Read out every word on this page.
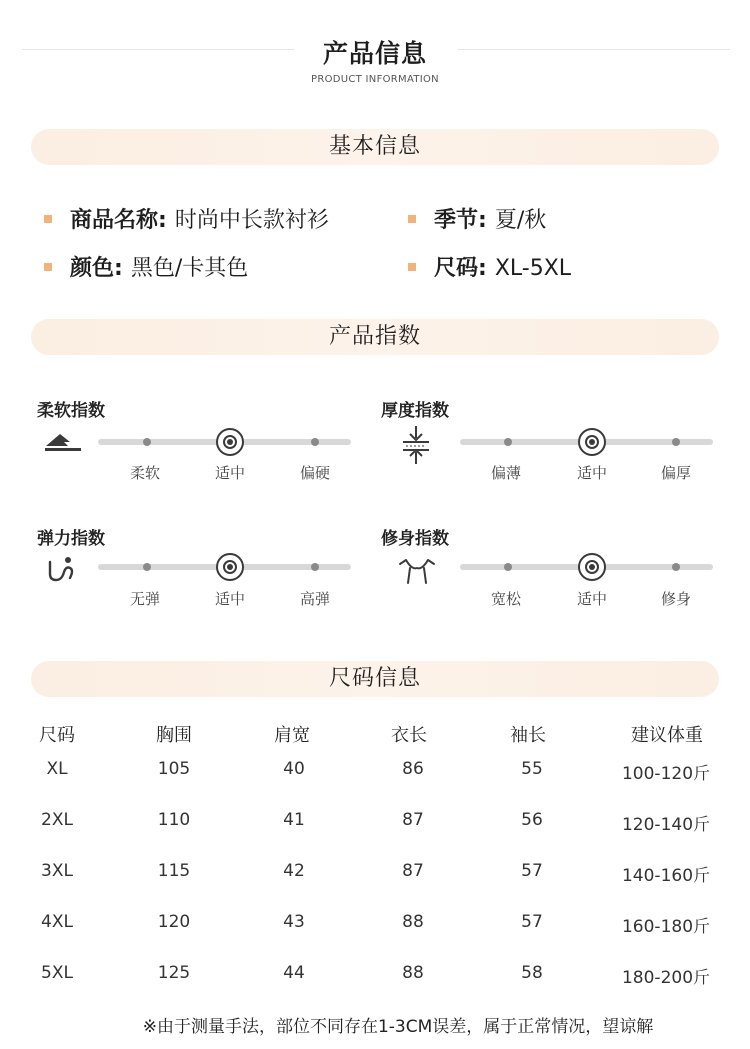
产品信息
PRODUCT INFORMATION
基本信息
商品名称: 时尚中长款衬衫	季节: 夏/秋
颜色: 黑色/卡其色	尺码: XL-5XL
产品指数
柔软指数
柔软	适中	偏硬
厚度指数
偏薄	适中	偏厚
弹力指数
无弹	适中	高弹
修身指数
宽松	适中	修身
尺码信息
尺码	胸围	肩宽	衣长	袖长	建议体重
XL	105	40	86	55	100-120斤
2XL	110	41	87	56	120-140斤
3XL	115	42	87	57	140-160斤
4XL	120	43	88	57	160-180斤
5XL	125	44	88	58	180-200斤
※由于测量手法，部位不同存在1-3CM误差，属于正常情况，望谅解
